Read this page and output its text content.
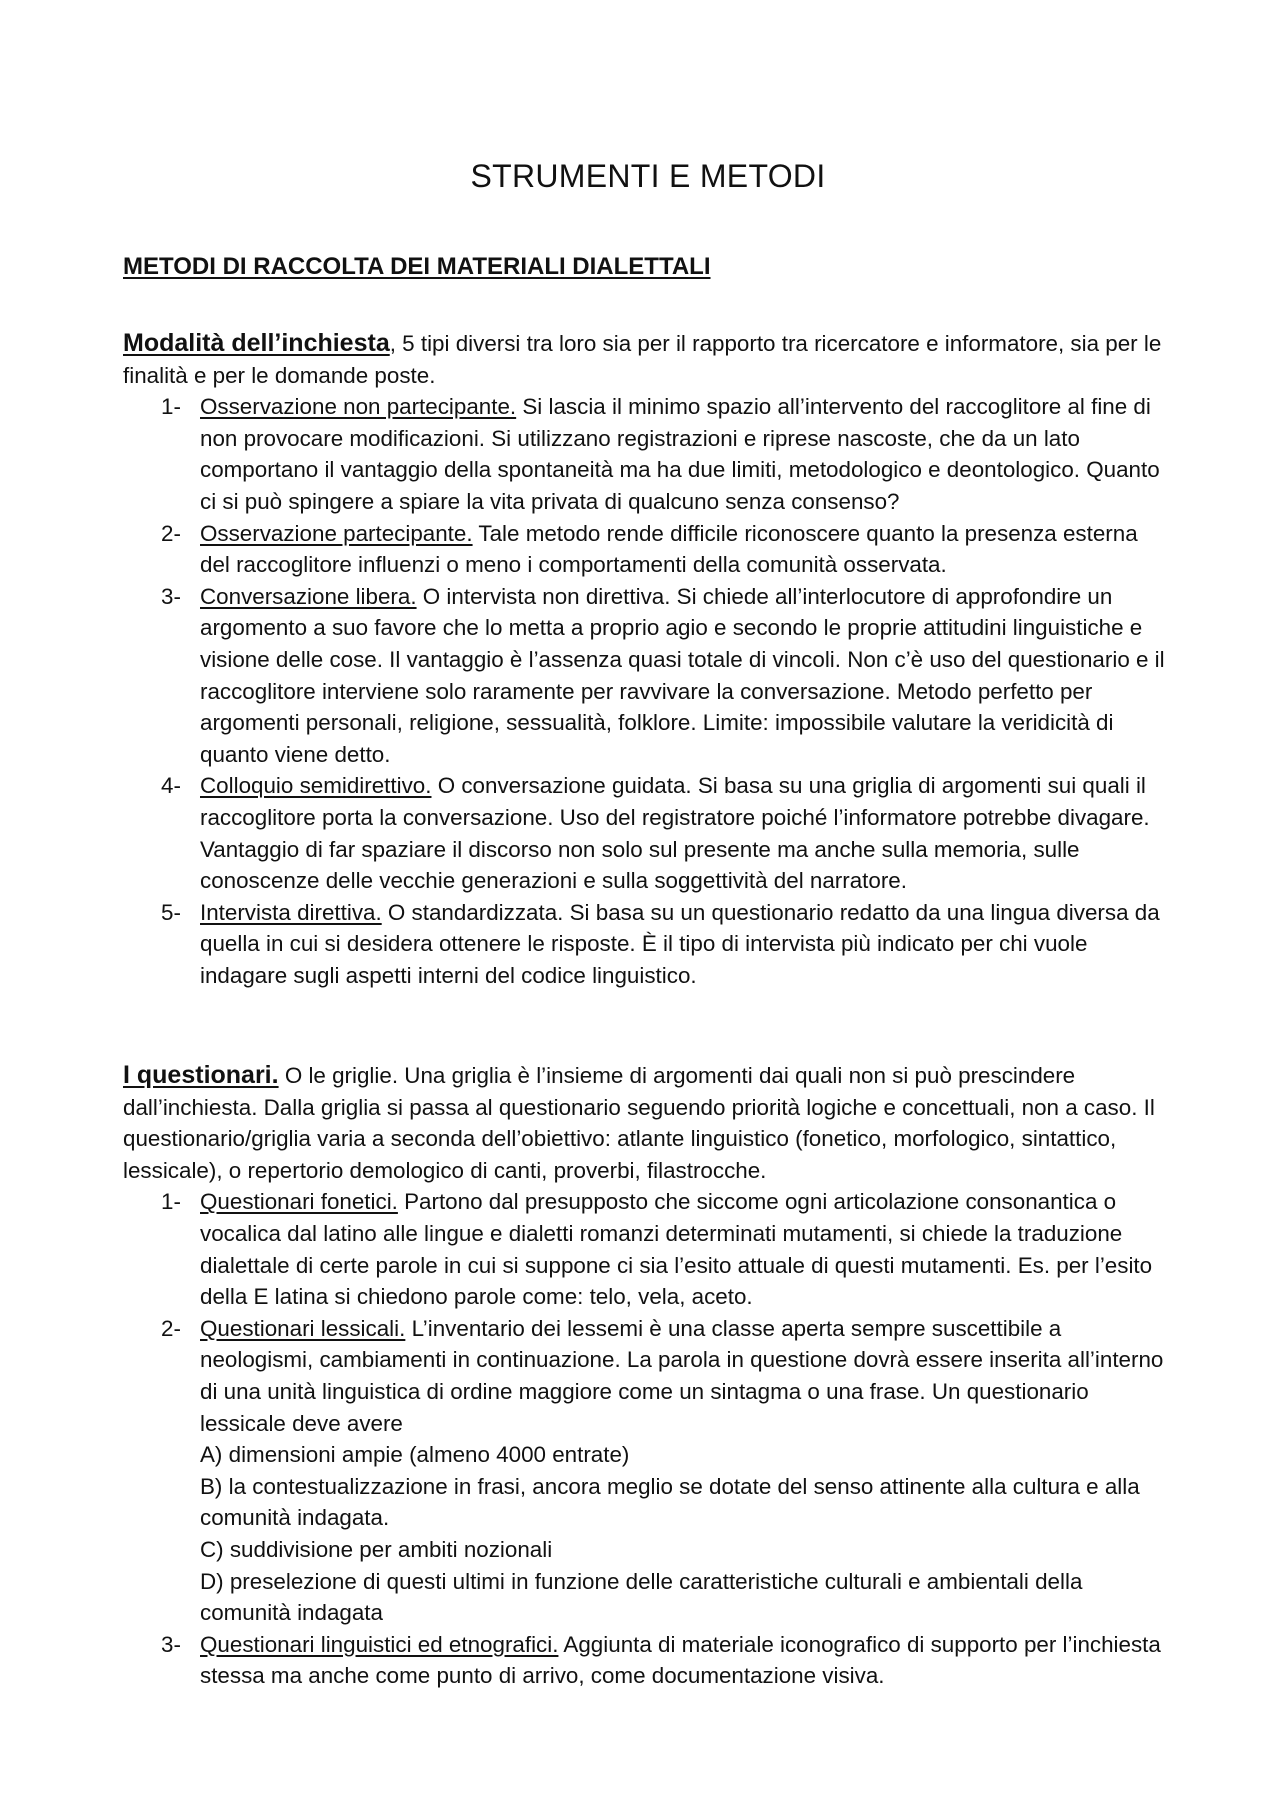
STRUMENTI E METODI
METODI DI RACCOLTA DEI MATERIALI DIALETTALI

Modalità dell’inchiesta, 5 tipi diversi tra loro sia per il rapporto tra ricercatore e informatore, sia per le finalità e per le domande poste.

1- Osservazione non partecipante. Si lascia il minimo spazio all’intervento del raccoglitore al fine di non provocare modificazioni. Si utilizzano registrazioni e riprese nascoste, che da un lato comportano il vantaggio della spontaneità ma ha due limiti, metodologico e deontologico. Quanto ci si può spingere a spiare la vita privata di qualcuno senza consenso?
2- Osservazione partecipante. Tale metodo rende difficile riconoscere quanto la presenza esterna del raccoglitore influenzi o meno i comportamenti della comunità osservata.
3- Conversazione libera. O intervista non direttiva. Si chiede all’interlocutore di approfondire un argomento a suo favore che lo metta a proprio agio e secondo le proprie attitudini linguistiche e visione delle cose. Il vantaggio è l’assenza quasi totale di vincoli. Non c’è uso del questionario e il raccoglitore interviene solo raramente per ravvivare la conversazione. Metodo perfetto per argomenti personali, religione, sessualità, folklore. Limite: impossibile valutare la veridicità di quanto viene detto.
4- Colloquio semidirettivo. O conversazione guidata. Si basa su una griglia di argomenti sui quali il raccoglitore porta la conversazione. Uso del registratore poiché l’informatore potrebbe divagare. Vantaggio di far spaziare il discorso non solo sul presente ma anche sulla memoria, sulle conoscenze delle vecchie generazioni e sulla soggettività del narratore.
5- Intervista direttiva. O standardizzata. Si basa su un questionario redatto da una lingua diversa da quella in cui si desidera ottenere le risposte. È il tipo di intervista più indicato per chi vuole indagare sugli aspetti interni del codice linguistico.

I questionari. O le griglie. Una griglia è l’insieme di argomenti dai quali non si può prescindere dall’inchiesta. Dalla griglia si passa al questionario seguendo priorità logiche e concettuali, non a caso. Il questionario/griglia varia a seconda dell’obiettivo: atlante linguistico (fonetico, morfologico, sintattico, lessicale), o repertorio demologico di canti, proverbi, filastrocche.

1- Questionari fonetici. Partono dal presupposto che siccome ogni articolazione consonantica o vocalica dal latino alle lingue e dialetti romanzi determinati mutamenti, si chiede la traduzione dialettale di certe parole in cui si suppone ci sia l’esito attuale di questi mutamenti. Es. per l’esito della E latina si chiedono parole come: telo, vela, aceto.
2- Questionari lessicali. L’inventario dei lessemi è una classe aperta sempre suscettibile a neologismi, cambiamenti in continuazione. La parola in questione dovrà essere inserita all’interno di una unità linguistica di ordine maggiore come un sintagma o una frase. Un questionario lessicale deve avere
A) dimensioni ampie (almeno 4000 entrate)
B) la contestualizzazione in frasi, ancora meglio se dotate del senso attinente alla cultura e alla comunità indagata.
C) suddivisione per ambiti nozionali
D) preselezione di questi ultimi in funzione delle caratteristiche culturali e ambientali della comunità indagata
3- Questionari linguistici ed etnografici. Aggiunta di materiale iconografico di supporto per l’inchiesta stessa ma anche come punto di arrivo, come documentazione visiva.
